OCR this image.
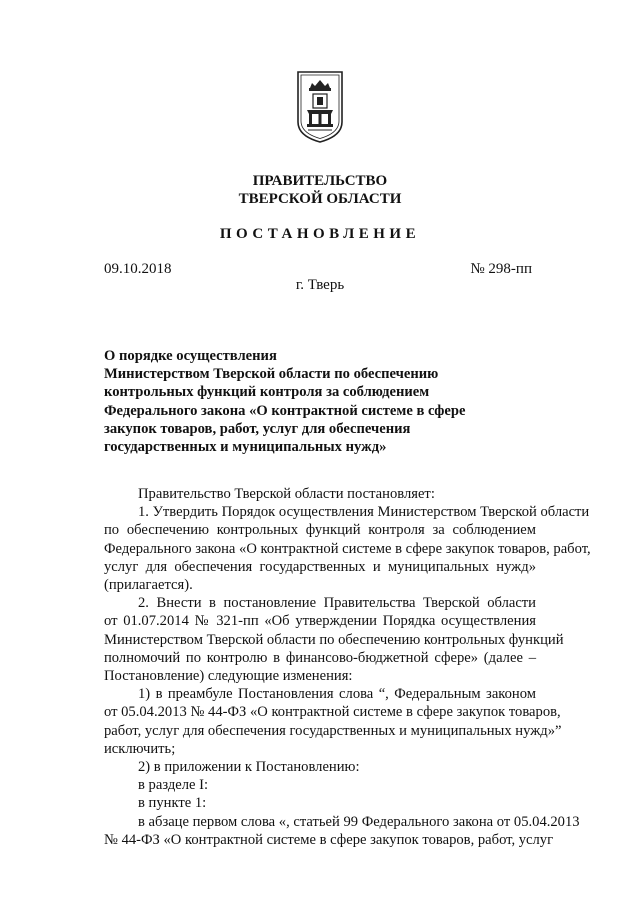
ПРАВИТЕЛЬСТВО
ТВЕРСКОЙ ОБЛАСТИ
ПОСТАНОВЛЕНИЕ
09.10.2018	№ 298-пп
г. Тверь
О порядке осуществления
Министерством Тверской области по обеспечению
контрольных функций контроля за соблюдением
Федерального закона «О контрактной системе в сфере
закупок товаров, работ, услуг для обеспечения
государственных и муниципальных нужд»
Правительство Тверской области постановляет:
1. Утвердить Порядок осуществления Министерством Тверской области
по обеспечению контрольных функций контроля за соблюдением
Федерального закона «О контрактной системе в сфере закупок товаров, работ,
услуг для обеспечения государственных и муниципальных нужд»
(прилагается).
2. Внести в постановление Правительства Тверской области
от 01.07.2014 № 321-пп «Об утверждении Порядка осуществления
Министерством Тверской области по обеспечению контрольных функций
полномочий по контролю в финансово-бюджетной сфере» (далее –
Постановление) следующие изменения:
1) в преамбуле Постановления слова “, Федеральным законом
от 05.04.2013 № 44-ФЗ «О контрактной системе в сфере закупок товаров,
работ, услуг для обеспечения государственных и муниципальных нужд»”
исключить;
2) в приложении к Постановлению:
в разделе I:
в пункте 1:
в абзаце первом слова «, статьей 99 Федерального закона от 05.04.2013
№ 44-ФЗ «О контрактной системе в сфере закупок товаров, работ, услуг
